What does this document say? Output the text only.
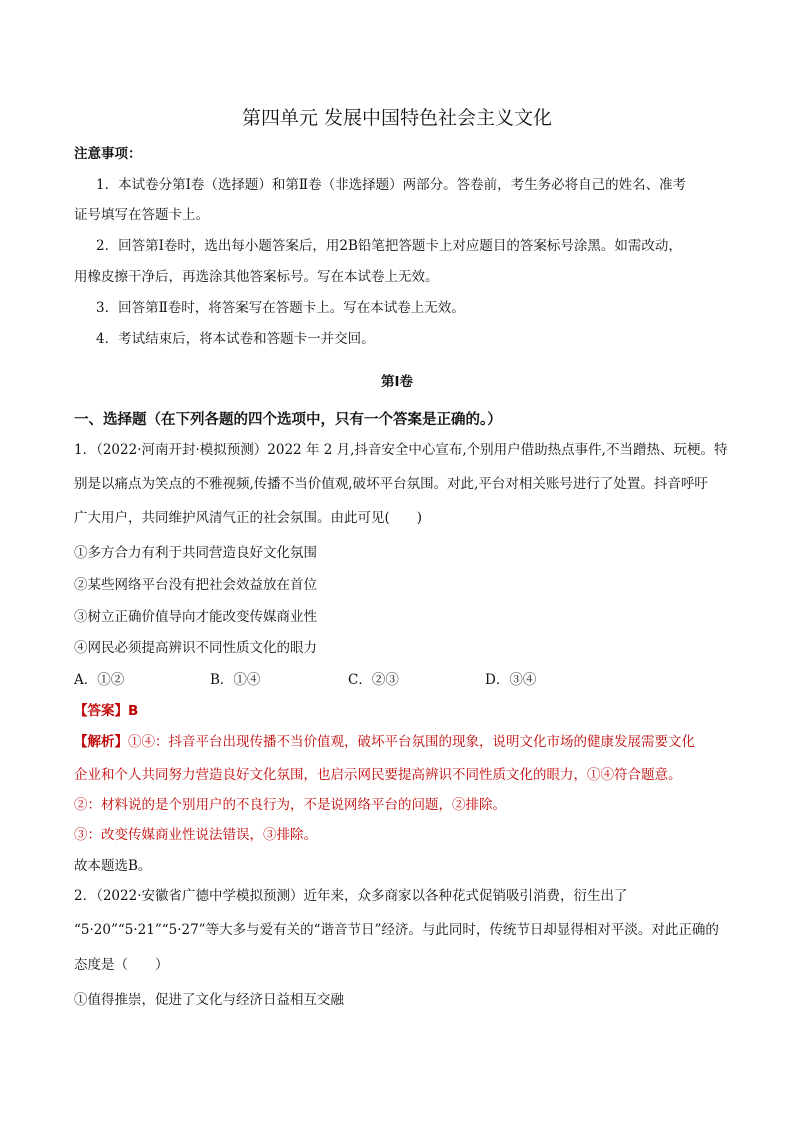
第四单元 发展中国特色社会主义文化
注意事项：
1．本试卷分第Ⅰ卷（选择题）和第Ⅱ卷（非选择题）两部分。答卷前，考生务必将自己的姓名、准考
证号填写在答题卡上。
2．回答第Ⅰ卷时，选出每小题答案后，用2B铅笔把答题卡上对应题目的答案标号涂黑。如需改动，
用橡皮擦干净后，再选涂其他答案标号。写在本试卷上无效。
3．回答第Ⅱ卷时，将答案写在答题卡上。写在本试卷上无效。
4．考试结束后，将本试卷和答题卡一并交回。
第Ⅰ卷
一、选择题（在下列各题的四个选项中，只有一个答案是正确的。）
1．（2022·河南开封·模拟预测）2022 年 2 月,抖音安全中心宣布,个别用户借助热点事件,不当蹭热、玩梗。特
别是以痛点为笑点的不雅视频,传播不当价值观,破坏平台氛围。对此,平台对相关账号进行了处置。抖音呼吁
广大用户，共同维护风清气正的社会氛围。由此可见(　　)
①多方合力有利于共同营造良好文化氛围
②某些网络平台没有把社会效益放在首位
③树立正确价值导向才能改变传媒商业性
④网民必须提高辨识不同性质文化的眼力
A．①②	B．①④	C．②③	D．③④
【答案】B
【解析】①④：抖音平台出现传播不当价值观，破坏平台氛围的现象，说明文化市场的健康发展需要文化
企业和个人共同努力营造良好文化氛围，也启示网民要提高辨识不同性质文化的眼力，①④符合题意。
②：材料说的是个别用户的不良行为，不是说网络平台的问题，②排除。
③：改变传媒商业性说法错误，③排除。
故本题选B。
2．（2022·安徽省广德中学模拟预测）近年来，众多商家以各种花式促销吸引消费，衍生出了
“5·20”“5·21”“5·27”等大多与爱有关的“谐音节日”经济。与此同时，传统节日却显得相对平淡。对此正确的
态度是（　　）
①值得推崇，促进了文化与经济日益相互交融
